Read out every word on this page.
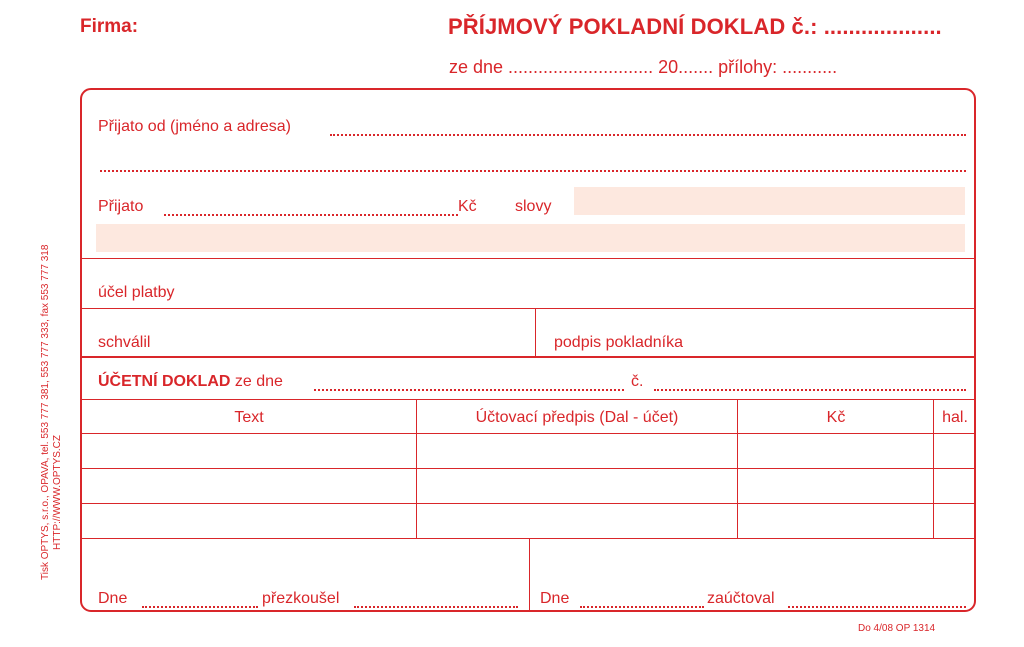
Firma:	PŘÍJMOVÝ POKLADNÍ DOKLAD č.: ...................
ze dne ............................. 20....... přílohy: ...........
Tisk OPTYS, s.r.o., OPAVA, tel. 553 777 381, 553 777 333, fax 553 777 318 HTTP://WWW.OPTYS.CZ
Přijato od (jméno a adresa)
Přijato	Kč slovy
účel platby
schválil	podpis pokladníka
ÚČETNÍ DOKLAD ze dne	č.
Text	Účtovací předpis (Dal - účet)	Kč	hal.
Dne	přezkoušel	Dne	zaúčtoval
Do 4/08 OP 1314
